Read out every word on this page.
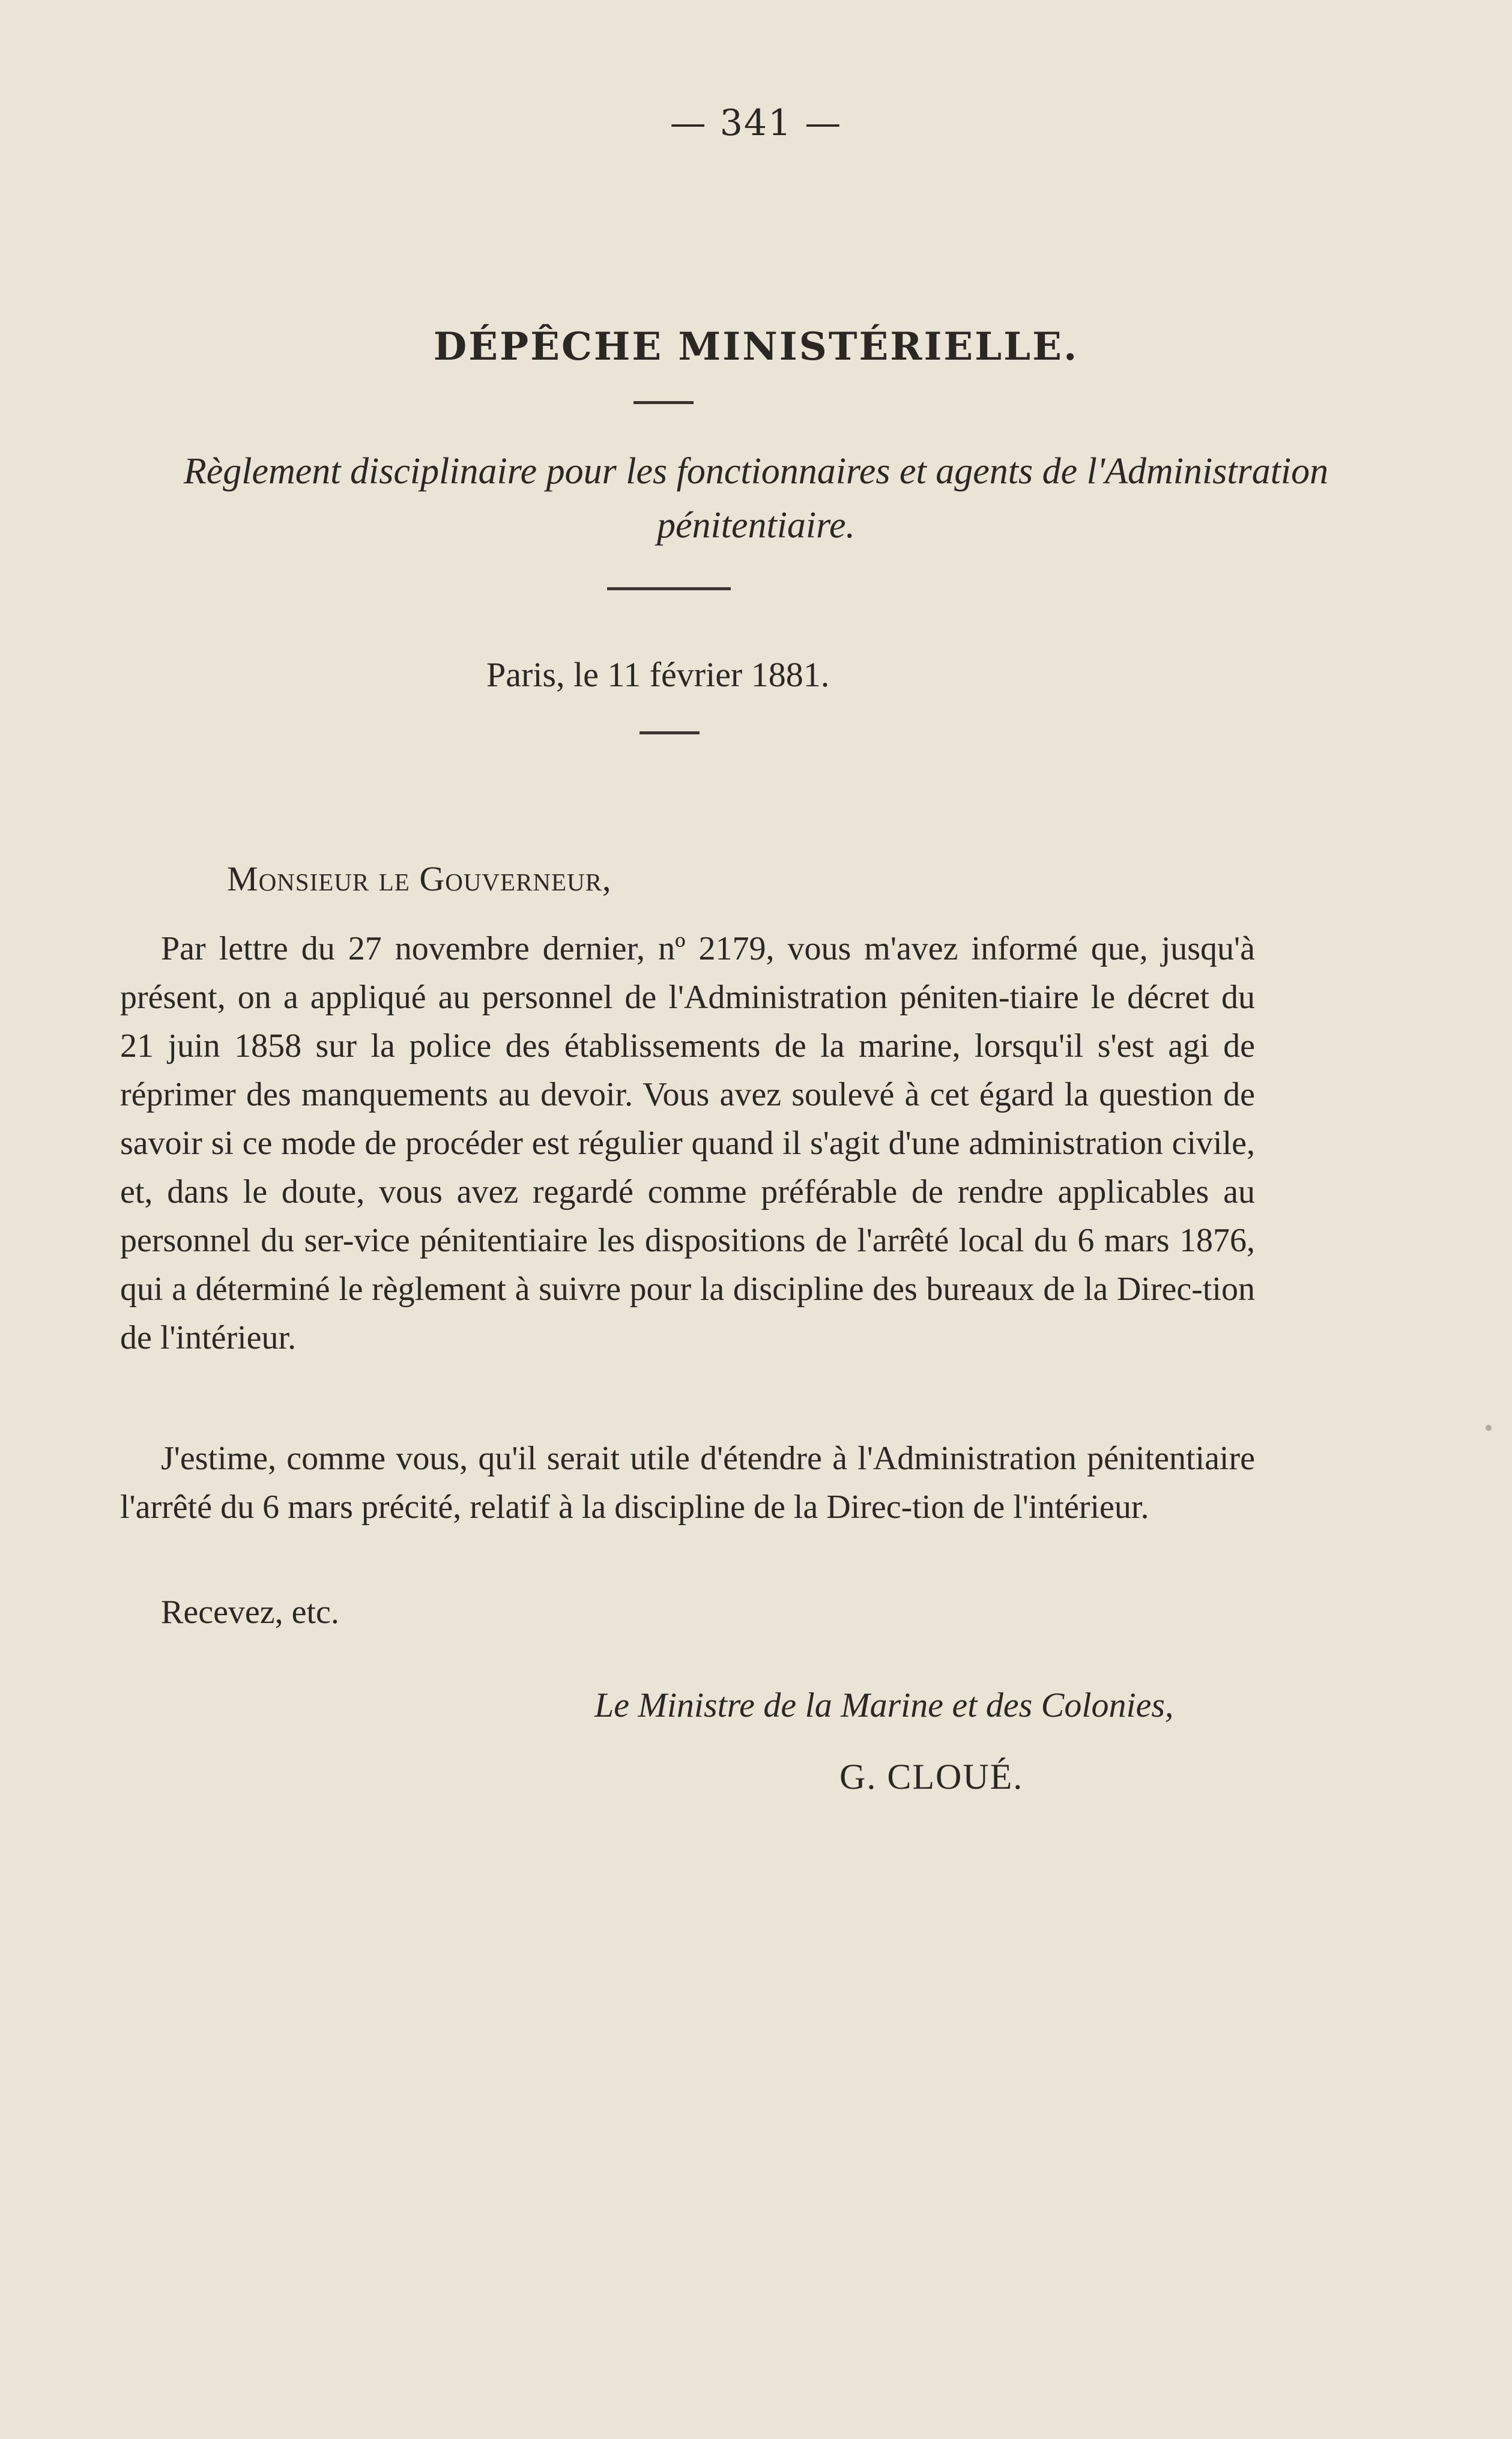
— 341 —
DÉPÊCHE MINISTÉRIELLE.
Règlement disciplinaire pour les fonctionnaires et agents de l'Administration pénitentiaire.
Paris, le 11 février 1881.
Monsieur le Gouverneur,
Par lettre du 27 novembre dernier, nº 2179, vous m'avez informé que, jusqu'à présent, on a appliqué au personnel de l'Administration péniten-tiaire le décret du 21 juin 1858 sur la police des établissements de la marine, lorsqu'il s'est agi de réprimer des manquements au devoir. Vous avez soulevé à cet égard la question de savoir si ce mode de procéder est régulier quand il s'agit d'une administration civile, et, dans le doute, vous avez regardé comme préférable de rendre applicables au personnel du ser-vice pénitentiaire les dispositions de l'arrêté local du 6 mars 1876, qui a déterminé le règlement à suivre pour la discipline des bureaux de la Direc-tion de l'intérieur.
J'estime, comme vous, qu'il serait utile d'étendre à l'Administration pénitentiaire l'arrêté du 6 mars précité, relatif à la discipline de la Direc-tion de l'intérieur.
Recevez, etc.
Le Ministre de la Marine et des Colonies,
G. CLOUÉ.
